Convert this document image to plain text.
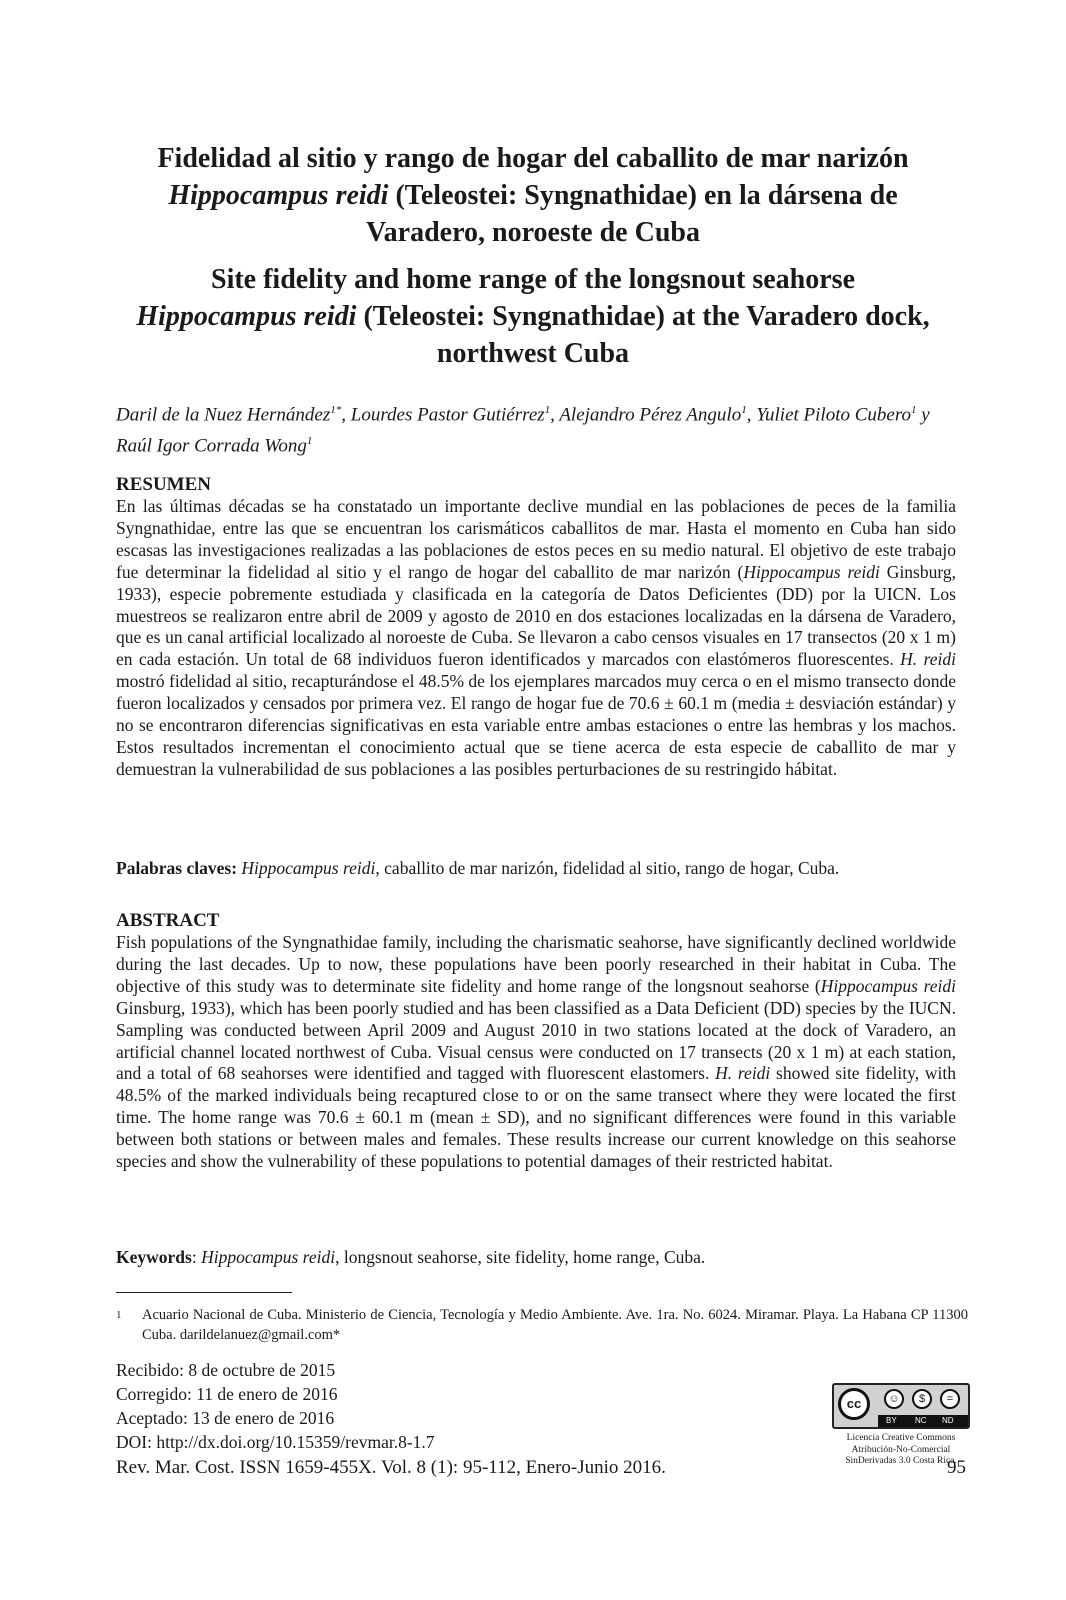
Fidelidad al sitio y rango de hogar del caballito de mar narizón
Hippocampus reidi (Teleostei: Syngnathidae) en la dársena de Varadero, noroeste de Cuba

Site fidelity and home range of the longsnout seahorse
Hippocampus reidi (Teleostei: Syngnathidae) at the Varadero dock, northwest Cuba

Daril de la Nuez Hernández$^{1*}$, Lourdes Pastor Gutiérrez$^1$, Alejandro Pérez Angulo$^1$, Yuliet Piloto Cubero$^1$ y Raúl Igor Corrada Wong$^1$

RESUMEN

En las últimas décadas se ha constatado un importante declive mundial en las poblaciones de peces de la familia Syngnathidae, entre las que se encuentran los carismáticos caballitos de mar. Hasta el momento en Cuba han sido escasas las investigaciones realizadas a las poblaciones de estos peces en su medio natural. El objetivo de este trabajo fue determinar la fidelidad al sitio y el rango de hogar del caballito de mar narizón (Hippocampus reidi Ginsburg, 1933), especie pobremente estudiada y clasificada en la categoría de Datos Deficientes (DD) por la UICN. Los muestreos se realizaron entre abril de 2009 y agosto de 2010 en dos estaciones localizadas en la dársena de Varadero, que es un canal artificial localizado al noroeste de Cuba. Se llevaron a cabo censos visuales en 17 transectos (20 x 1 m) en cada estación. Un total de 68 individuos fueron identificados y marcados con elastómeros fluorescentes. H. reidi mostró fidelidad al sitio, recapturándose el 48.5% de los ejemplares marcados muy cerca o en el mismo transecto donde fueron localizados y censados por primera vez. El rango de hogar fue de 70.6 ± 60.1 m (media ± desviación estándar) y no se encontraron diferencias significativas en esta variable entre ambas estaciones o entre las hembras y los machos. Estos resultados incrementan el conocimiento actual que se tiene acerca de esta especie de caballito de mar y demuestran la vulnerabilidad de sus poblaciones a las posibles perturbaciones de su restringido hábitat.

Palabras claves: Hippocampus reidi, caballito de mar narizón, fidelidad al sitio, rango de hogar, Cuba.

ABSTRACT

Fish populations of the Syngnathidae family, including the charismatic seahorse, have significantly declined worldwide during the last decades. Up to now, these populations have been poorly researched in their habitat in Cuba. The objective of this study was to determinate site fidelity and home range of the longsnout seahorse (Hippocampus reidi Ginsburg, 1933), which has been poorly studied and has been classified as a Data Deficient (DD) species by the IUCN. Sampling was conducted between April 2009 and August 2010 in two stations located at the dock of Varadero, an artificial channel located northwest of Cuba. Visual census were conducted on 17 transects (20 x 1 m) at each station, and a total of 68 seahorses were identified and tagged with fluorescent elastomers. H. reidi showed site fidelity, with 48.5% of the marked individuals being recaptured close to or on the same transect where they were located the first time. The home range was 70.6 ± 60.1 m (mean ± SD), and no significant differences were found in this variable between both stations or between males and females. These results increase our current knowledge on this seahorse species and show the vulnerability of these populations to potential damages of their restricted habitat.

Keywords: Hippocampus reidi, longsnout seahorse, site fidelity, home range, Cuba.
1 Acuario Nacional de Cuba. Ministerio de Ciencia, Tecnología y Medio Ambiente. Ave. 1ra. No. 6024. Miramar. Playa. La Habana CP 11300 Cuba. darildelanuez@gmail.com*
Recibido: 8 de octubre de 2015
Corregido: 11 de enero de 2016
Aceptado: 13 de enero de 2016
DOI: http://dx.doi.org/10.15359/revmar.8-1.7
cc	☺	$	=
BY NC ND
Licencia Creative Commons
Atribución-No-Comercial
SinDerivadas 3.0 Costa Rica.
Rev. Mar. Cost. ISSN 1659-455X. Vol. 8 (1): 95-112, Enero-Junio 2016.	95
